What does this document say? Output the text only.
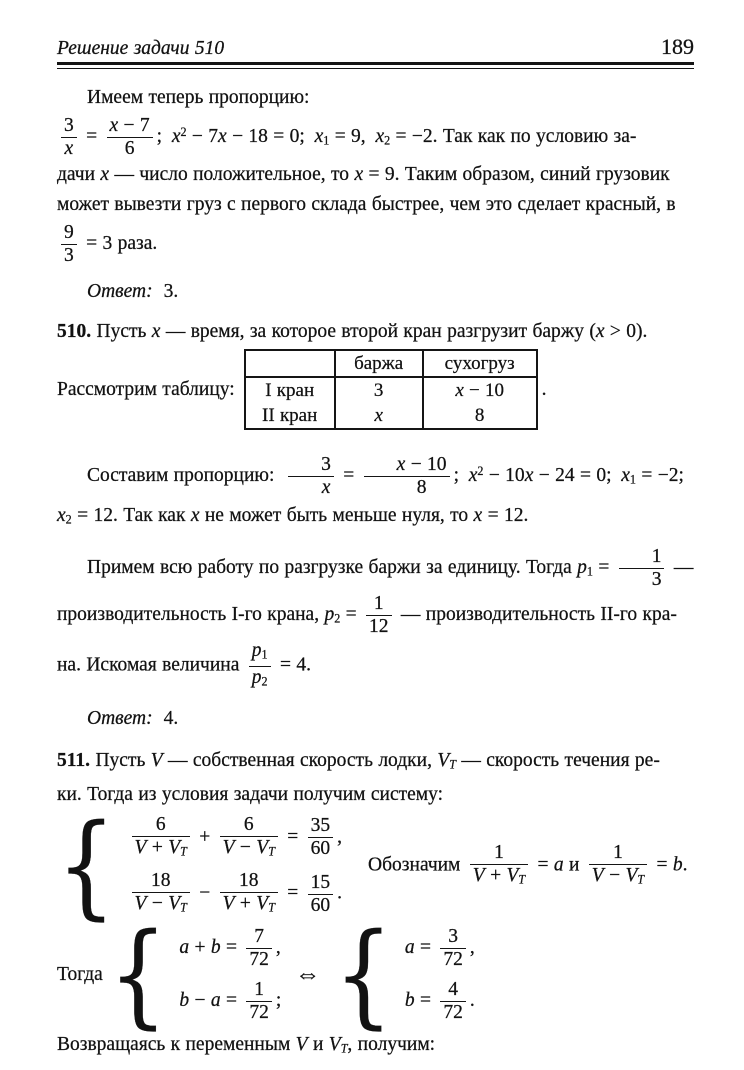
Решение задачи 510	189

Имеем теперь пропорцию:

$\frac{3}{x} = \frac{x - 7}{6}$ ; $x^2 - 7x - 18 = 0$; $x_1 = 9$, $x_2 = -2$. Так как по условию за-
дачи x — число положительное, то x = 9. Таким образом, синий грузовик
может вывезти груз с первого склада быстрее, чем это сделает красный, в
$\frac{9}{3} = 3$ раза.

Ответ: 3.

510. Пусть x — время, за которое второй кран разгрузит баржу (x > 0).
Рассмотрим таблицу:
	баржа	сухогруз
I кран	3	x − 10
II кран	x	8
.
Составим пропорцию:  $\frac{3}{x} = \frac{x - 10}{8}$ ; $x^2 - 10x - 24 = 0$; $x_1 = -2$;
$x_2 = 12$. Так как x не может быть меньше нуля, то x = 12.
Примем всю работу по разгрузке баржи за единицу. Тогда $p_1 = \frac{1}{3}$ —
производительность I-го крана, $p_2 = \frac{1}{12}$ — производительность II-го кра-
на. Искомая величина $\frac{p_1}{p_2} = 4$.

Ответ: 4.

511. Пусть V — собственная скорость лодки, $V_T$ — скорость течения ре-
ки. Тогда из условия задачи получим систему:
{ $\frac{6}{V + V_T} + \frac{6}{V - V_T} = \frac{35}{60}$ ,
$\frac{18}{V - V_T} - \frac{18}{V + V_T} = \frac{15}{60}$ .
Обозначим $\frac{1}{V + V_T} = a$ и $\frac{1}{V - V_T} = b$.
Тогда { $a + b = \frac{7}{72}$ ,
$b - a = \frac{1}{72}$ ;
⇔ { $a = \frac{3}{72}$ ,
$b = \frac{4}{72}$ .
Возвращаясь к переменным V и $V_T$, получим:
